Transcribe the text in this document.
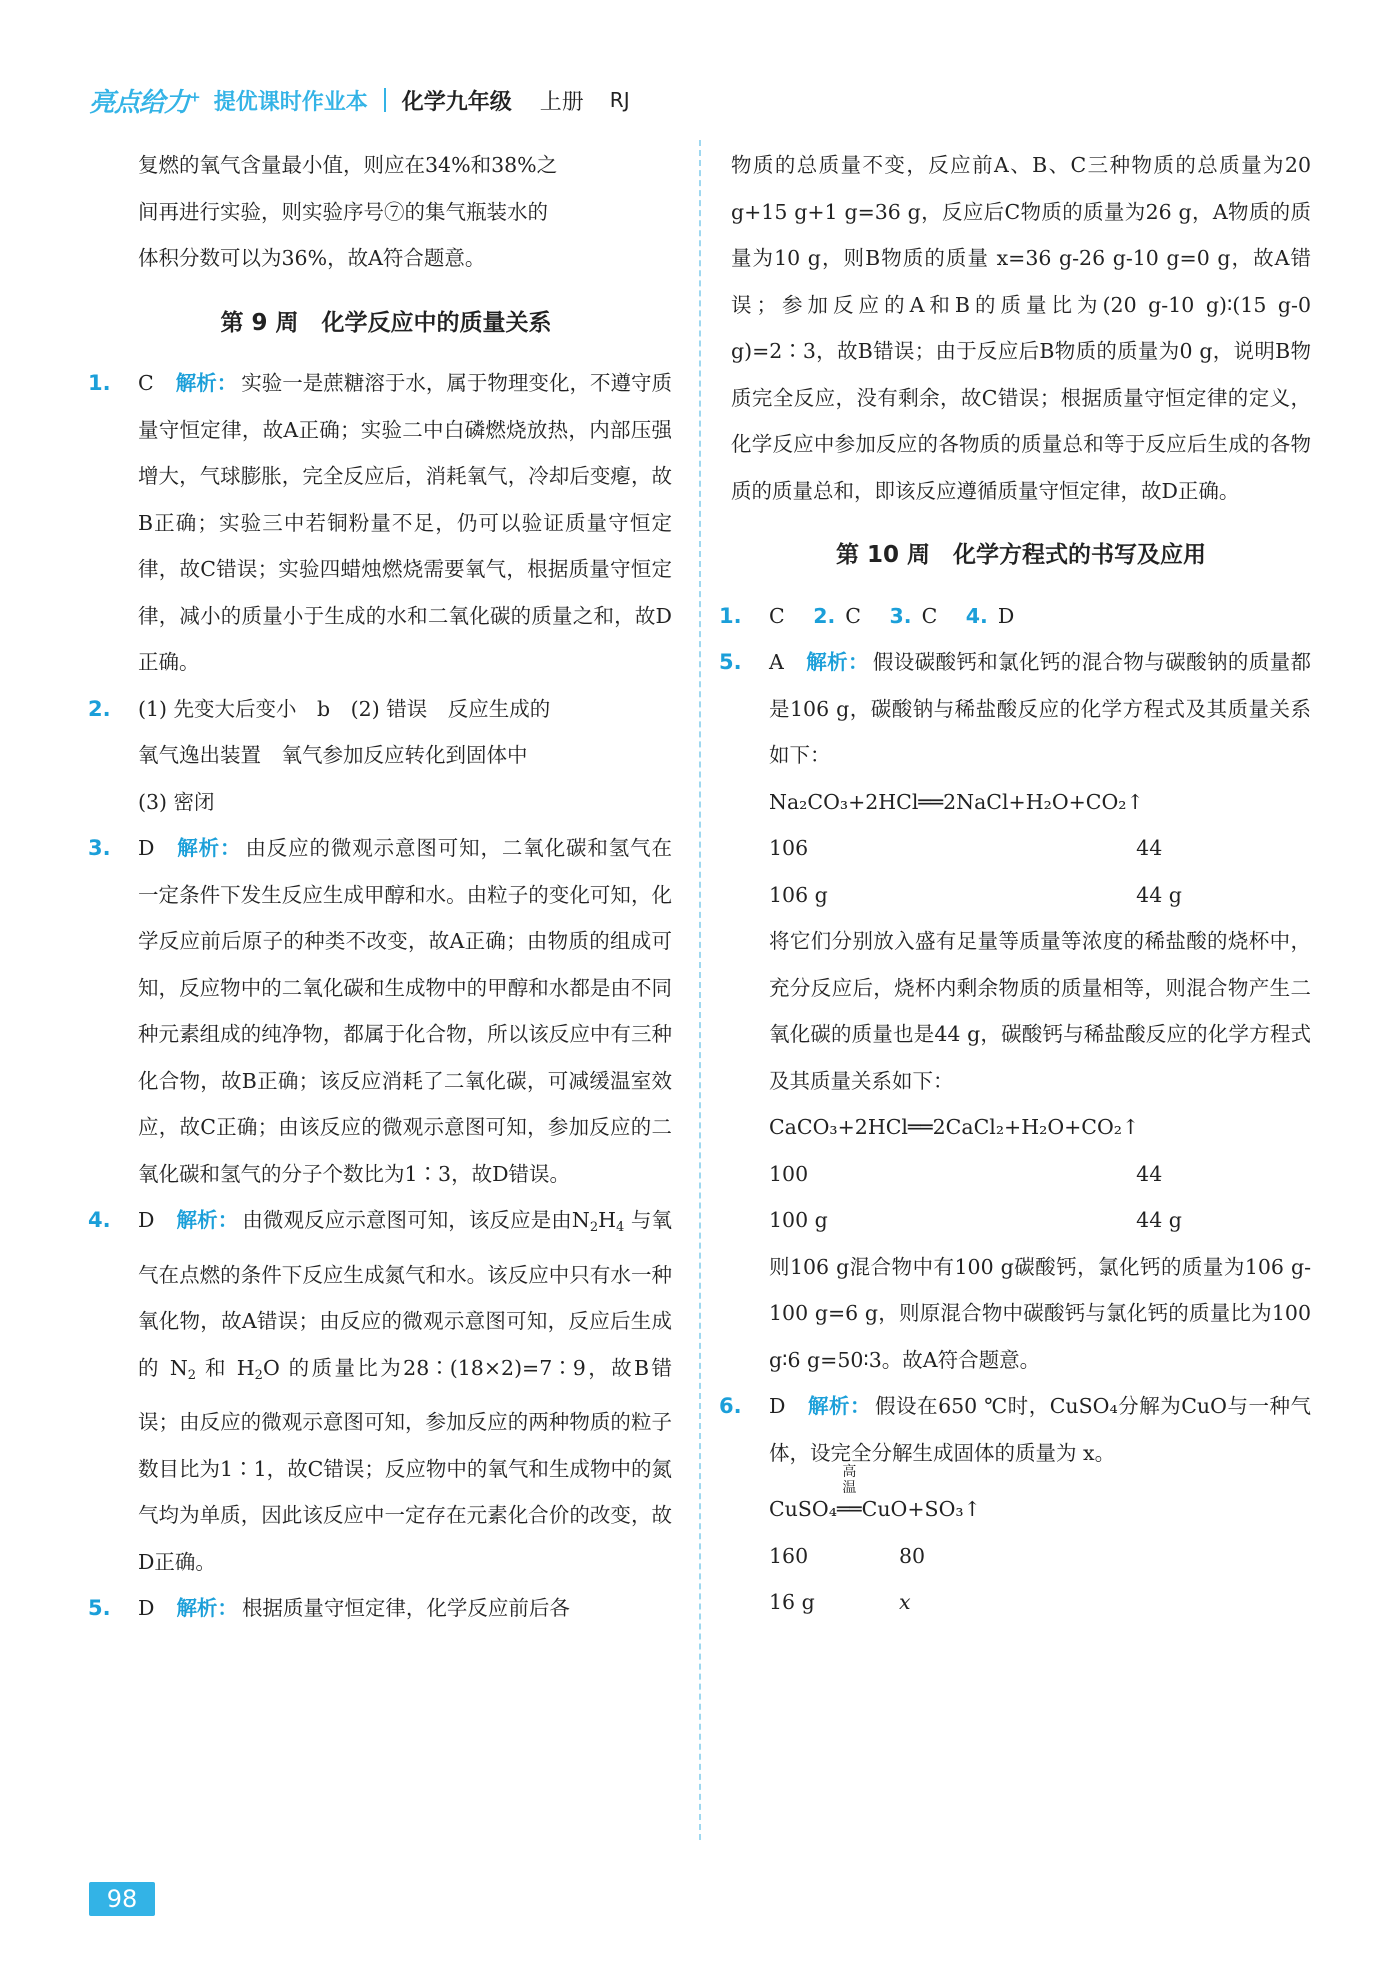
亮点给力+ 提优课时作业本 化学九年级 上册 RJ

复燃的氧气含量最小值，则应在34%和38%之

间再进行实验，则实验序号⑦的集气瓶装水的

体积分数可以为36%，故A符合题意。

第 9 周　化学反应中的质量关系

1. C 解析： 实验一是蔗糖溶于水，属于物理变化，不遵守质量守恒定律，故A正确；实验二中白磷燃烧放热，内部压强增大，气球膨胀，完全反应后，消耗氧气，冷却后变瘪，故B正确；实验三中若铜粉量不足，仍可以验证质量守恒定律，故C错误；实验四蜡烛燃烧需要氧气，根据质量守恒定律，减小的质量小于生成的水和二氧化碳的质量之和，故D正确。

2. (1) 先变大后变小　b　(2) 错误　反应生成的
氧气逸出装置　氧气参加反应转化到固体中
(3) 密闭

3. D 解析： 由反应的微观示意图可知，二氧化碳和氢气在一定条件下发生反应生成甲醇和水。由粒子的变化可知，化学反应前后原子的种类不改变，故A正确；由物质的组成可知，反应物中的二氧化碳和生成物中的甲醇和水都是由不同种元素组成的纯净物，都属于化合物，所以该反应中有三种化合物，故B正确；该反应消耗了二氧化碳，可减缓温室效应，故C正确；由该反应的微观示意图可知，参加反应的二氧化碳和氢气的分子个数比为1∶3，故D错误。

4. D 解析： 由微观反应示意图可知，该反应是由N2H4 与氧气在点燃的条件下反应生成氮气和水。该反应中只有水一种氧化物，故A错误；由反应的微观示意图可知，反应后生成的 N2 和 H2O 的质量比为28∶(18×2)=7∶9，故B错误；由反应的微观示意图可知，参加反应的两种物质的粒子数目比为1∶1，故C错误；反应物中的氧气和生成物中的氮气均为单质，因此该反应中一定存在元素化合价的改变，故D正确。

5. D 解析： 根据质量守恒定律，化学反应前后各

物质的总质量不变，反应前A、B、C三种物质的总质量为20 g+15 g+1 g=36 g，反应后C物质的质量为26 g，A物质的质量为10 g，则B物质的质量 x=36 g-26 g-10 g=0 g，故A错误；参加反应的A和B的质量比为(20 g-10 g)∶(15 g-0 g)=2∶3，故B错误；由于反应后B物质的质量为0 g，说明B物质完全反应，没有剩余，故C错误；根据质量守恒定律的定义，化学反应中参加反应的各物质的质量总和等于反应后生成的各物质的质量总和，即该反应遵循质量守恒定律，故D正确。

第 10 周　化学方程式的书写及应用

1. C 2. C 3. C 4. D

5. A 解析： 假设碳酸钙和氯化钙的混合物与碳酸钠的质量都是106 g，碳酸钠与稀盐酸反应的化学方程式及其质量关系如下：

Na₂CO₃+2HCl══2NaCl+H₂O+CO₂↑

106	44
106 g	44 g

将它们分别放入盛有足量等质量等浓度的稀盐酸的烧杯中，充分反应后，烧杯内剩余物质的质量相等，则混合物产生二氧化碳的质量也是44 g，碳酸钙与稀盐酸反应的化学方程式及其质量关系如下：

CaCO₃+2HCl══2CaCl₂+H₂O+CO₂↑

100	44
100 g	44 g

则106 g混合物中有100 g碳酸钙，氯化钙的质量为106 g-100 g=6 g，则原混合物中碳酸钙与氯化钙的质量比为100 g∶6 g=50∶3。故A符合题意。

6. D 解析： 假设在650 ℃时，CuSO₄分解为CuO与一种气体，设完全分解生成固体的质量为 x。

CuSO₄
高温
══CuO+SO₃↑

160	80
16 g	x
98
